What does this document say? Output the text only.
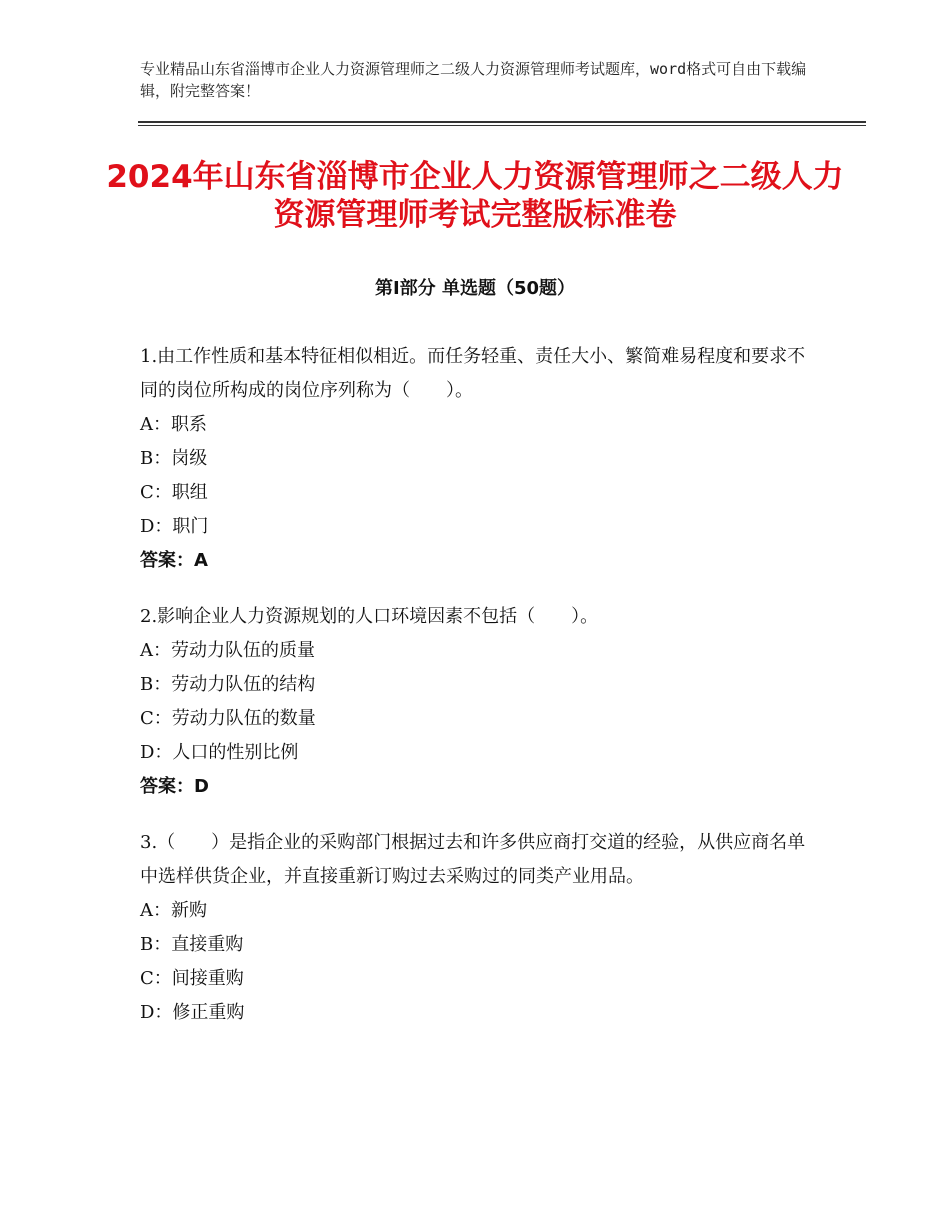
专业精品山东省淄博市企业人力资源管理师之二级人力资源管理师考试题库，word格式可自由下载编辑，附完整答案！
2024年山东省淄博市企业人力资源管理师之二级人力资源管理师考试完整版标准卷
第Ⅰ部分 单选题（50题）

1.由工作性质和基本特征相似相近。而任务轻重、责任大小、繁简难易程度和要求不同的岗位所构成的岗位序列称为（　　）。

A：职系

B：岗级

C：职组

D：职门

答案：A

2.影响企业人力资源规划的人口环境因素不包括（　　）。

A：劳动力队伍的质量

B：劳动力队伍的结构

C：劳动力队伍的数量

D：人口的性别比例

答案：D

3.（　　）是指企业的采购部门根据过去和许多供应商打交道的经验，从供应商名单中选样供货企业，并直接重新订购过去采购过的同类产业用品。

A：新购

B：直接重购

C：间接重购

D：修正重购
